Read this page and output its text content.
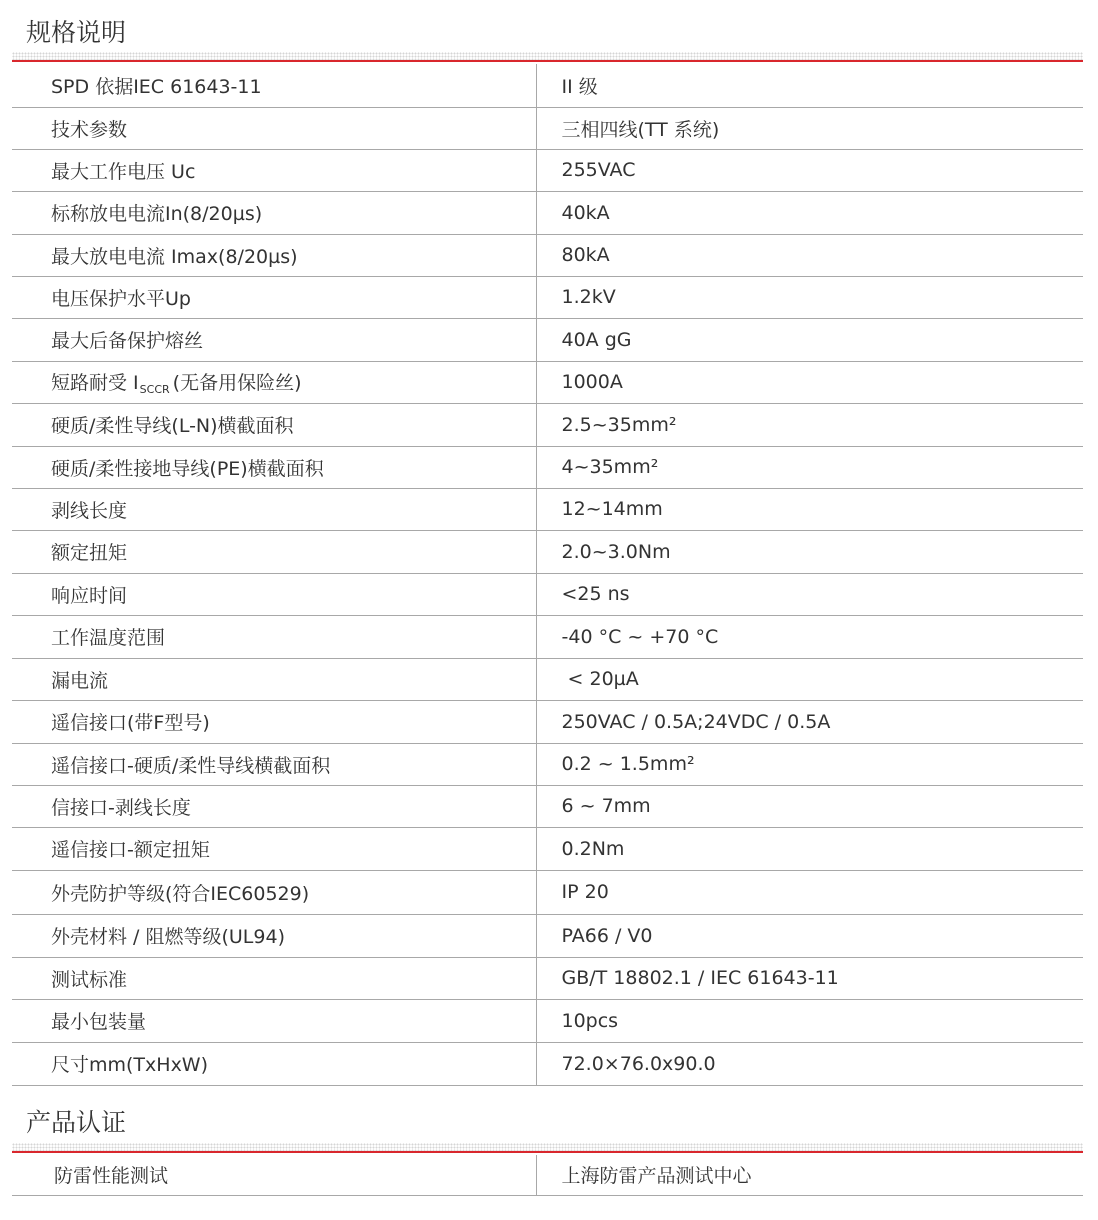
规格说明
SPD 依据IEC 61643-11	II 级
技术参数	三相四线(TT 系统)
最大工作电压 Uc	255VAC
标称放电电流In(8/20µs)	40kA
最大放电电流 Imax(8/20µs)	80kA
电压保护水平Up	1.2kV
最大后备保护熔丝	40A gG
短路耐受 $I_{SCCR}$ (无备用保险丝)	1000A
硬质/柔性导线(L-N)横截面积	2.5~35mm²
硬质/柔性接地导线(PE)横截面积	4~35mm²
剥线长度	12~14mm
额定扭矩	2.0~3.0Nm
响应时间	<25 ns
工作温度范围	-40 °C ~ +70 °C
漏电流	< 20µA
遥信接口(带F型号)	250VAC / 0.5A;24VDC / 0.5A
遥信接口-硬质/柔性导线横截面积	0.2 ~ 1.5mm²
信接口-剥线长度	6 ~ 7mm
遥信接口-额定扭矩	0.2Nm
外壳防护等级(符合IEC60529)	IP 20
外壳材料 / 阻燃等级(UL94)	PA66 / V0
测试标准	GB/T 18802.1 / IEC 61643-11
最小包装量	10pcs
尺寸mm(TxHxW)	72.0×76.0x90.0
产品认证
防雷性能测试	上海防雷产品测试中心
